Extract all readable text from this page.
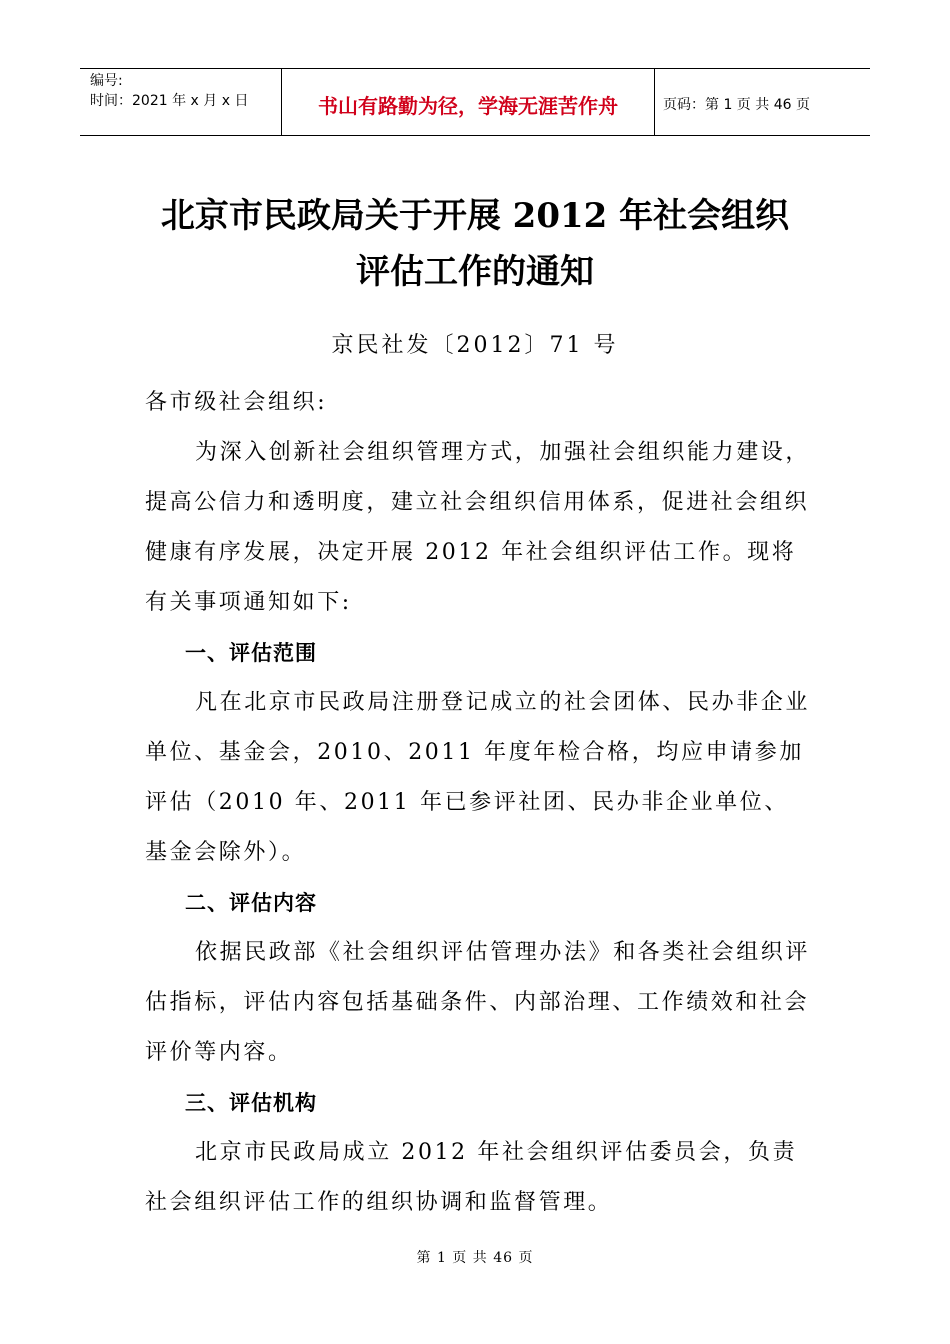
编号:
时间：2021 年 x 月 x 日	书山有路勤为径，学海无涯苦作舟	页码：第 1 页 共 46 页
北京市民政局关于开展 2012 年社会组织
评估工作的通知
京民社发〔2012〕71 号

各市级社会组织:

为深入创新社会组织管理方式，加强社会组织能力建设，提高公信力和透明度，建立社会组织信用体系，促进社会组织健康有序发展，决定开展 2012 年社会组织评估工作。现将有关事项通知如下:

一、评估范围

凡在北京市民政局注册登记成立的社会团体、民办非企业单位、基金会，2010、2011 年度年检合格，均应申请参加评估（2010 年、2011 年已参评社团、民办非企业单位、基金会除外）。

二、评估内容

依据民政部《社会组织评估管理办法》和各类社会组织评估指标，评估内容包括基础条件、内部治理、工作绩效和社会评价等内容。

三、评估机构

北京市民政局成立 2012 年社会组织评估委员会，负责社会组织评估工作的组织协调和监督管理。

第 1 页 共 46 页
